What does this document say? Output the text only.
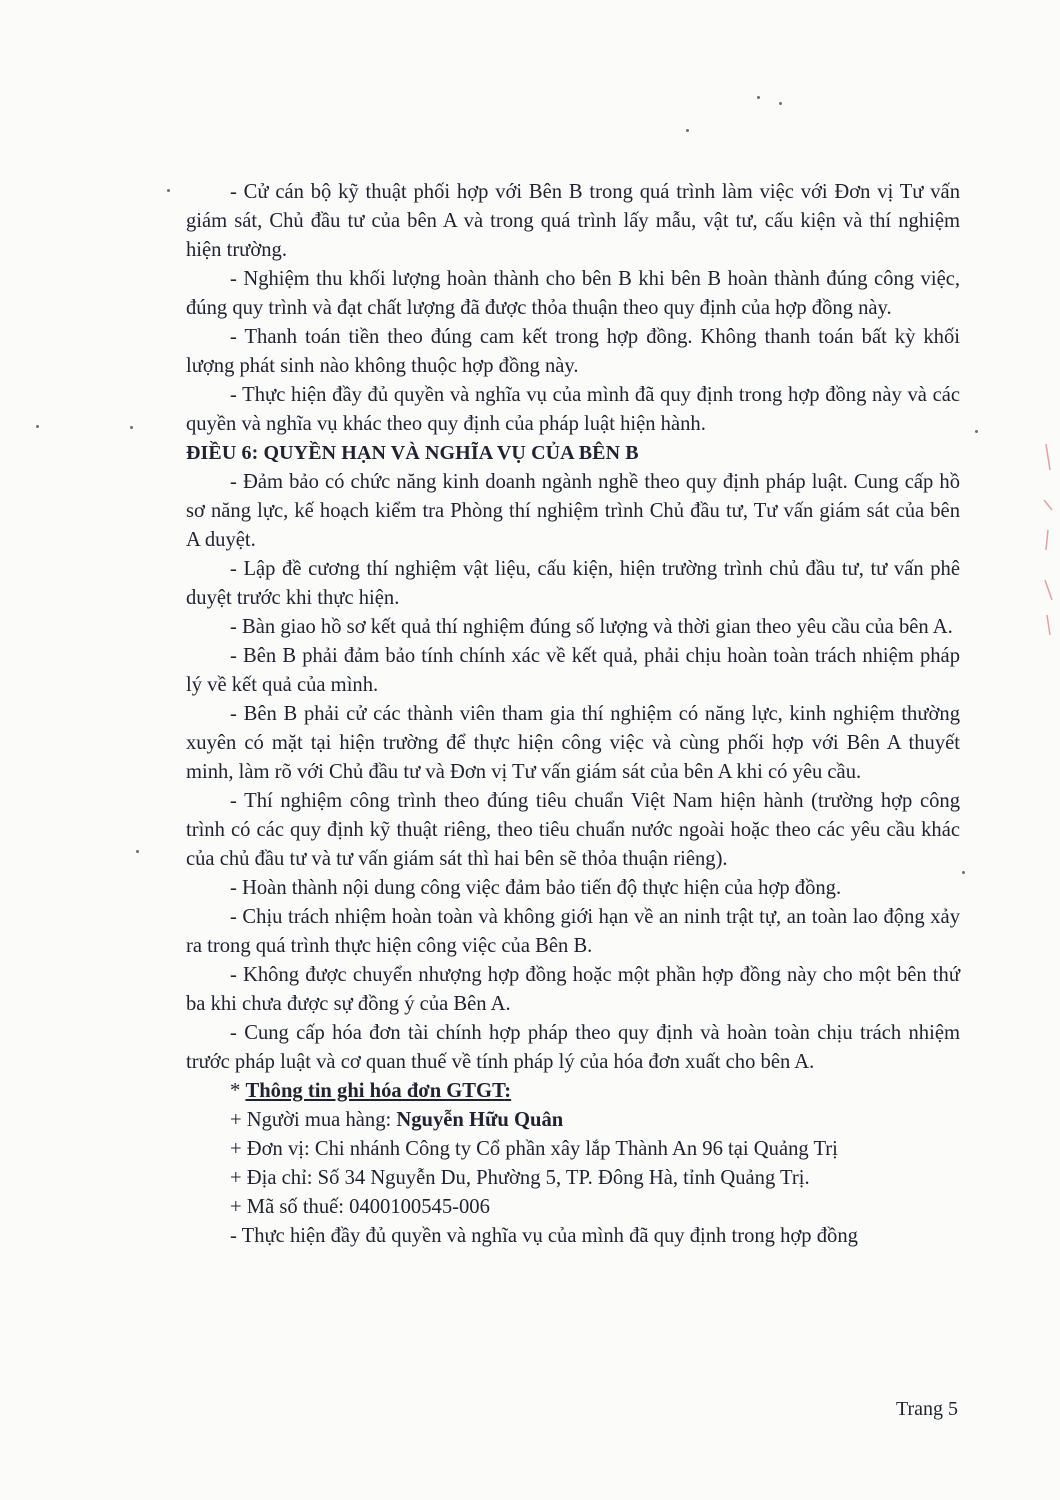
- Cử cán bộ kỹ thuật phối hợp với Bên B trong quá trình làm việc với Đơn vị Tư vấn giám sát, Chủ đầu tư của bên A và trong quá trình lấy mẫu, vật tư, cấu kiện và thí nghiệm hiện trường.

- Nghiệm thu khối lượng hoàn thành cho bên B khi bên B hoàn thành đúng công việc, đúng quy trình và đạt chất lượng đã được thỏa thuận theo quy định của hợp đồng này.

- Thanh toán tiền theo đúng cam kết trong hợp đồng. Không thanh toán bất kỳ khối lượng phát sinh nào không thuộc hợp đồng này.

- Thực hiện đầy đủ quyền và nghĩa vụ của mình đã quy định trong hợp đồng này và các quyền và nghĩa vụ khác theo quy định của pháp luật hiện hành.

ĐIỀU 6: QUYỀN HẠN VÀ NGHĨA VỤ CỦA BÊN B

- Đảm bảo có chức năng kinh doanh ngành nghề theo quy định pháp luật. Cung cấp hồ sơ năng lực, kế hoạch kiểm tra Phòng thí nghiệm trình Chủ đầu tư, Tư vấn giám sát của bên A duyệt.

- Lập đề cương thí nghiệm vật liệu, cấu kiện, hiện trường trình chủ đầu tư, tư vấn phê duyệt trước khi thực hiện.

- Bàn giao hồ sơ kết quả thí nghiệm đúng số lượng và thời gian theo yêu cầu của bên A.

- Bên B phải đảm bảo tính chính xác về kết quả, phải chịu hoàn toàn trách nhiệm pháp lý về kết quả của mình.

- Bên B phải cử các thành viên tham gia thí nghiệm có năng lực, kinh nghiệm thường xuyên có mặt tại hiện trường để thực hiện công việc và cùng phối hợp với Bên A thuyết minh, làm rõ với Chủ đầu tư và Đơn vị Tư vấn giám sát của bên A khi có yêu cầu.

- Thí nghiệm công trình theo đúng tiêu chuẩn Việt Nam hiện hành (trường hợp công trình có các quy định kỹ thuật riêng, theo tiêu chuẩn nước ngoài hoặc theo các yêu cầu khác của chủ đầu tư và tư vấn giám sát thì hai bên sẽ thỏa thuận riêng).

- Hoàn thành nội dung công việc đảm bảo tiến độ thực hiện của hợp đồng.

- Chịu trách nhiệm hoàn toàn và không giới hạn về an ninh trật tự, an toàn lao động xảy ra trong quá trình thực hiện công việc của Bên B.

- Không được chuyển nhượng hợp đồng hoặc một phần hợp đồng này cho một bên thứ ba khi chưa được sự đồng ý của Bên A.

- Cung cấp hóa đơn tài chính hợp pháp theo quy định và hoàn toàn chịu trách nhiệm trước pháp luật và cơ quan thuế về tính pháp lý của hóa đơn xuất cho bên A.

* Thông tin ghi hóa đơn GTGT:

+ Người mua hàng: Nguyễn Hữu Quân

+ Đơn vị: Chi nhánh Công ty Cổ phần xây lắp Thành An 96 tại Quảng Trị

+ Địa chỉ: Số 34 Nguyễn Du, Phường 5, TP. Đông Hà, tỉnh Quảng Trị.

+ Mã số thuế: 0400100545-006

- Thực hiện đầy đủ quyền và nghĩa vụ của mình đã quy định trong hợp đồng

Trang 5
